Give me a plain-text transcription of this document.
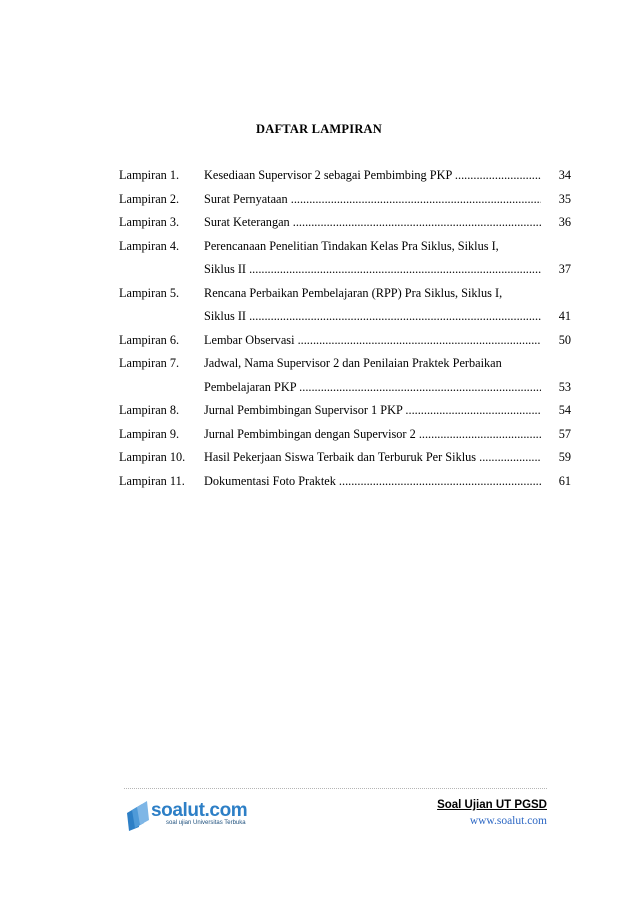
DAFTAR LAMPIRAN
Lampiran 1. Kesediaan Supervisor 2 sebagai Pembimbing PKP .....	34
Lampiran 2. Surat Pernyataan .....	35
Lampiran 3. Surat Keterangan .....	36
Lampiran 4. Perencanaan Penelitian Tindakan Kelas Pra Siklus, Siklus I,
Siklus II .....	37
Lampiran 5. Rencana Perbaikan Pembelajaran (RPP) Pra Siklus, Siklus I,
Siklus II .....	41
Lampiran 6. Lembar Observasi .....	50
Lampiran 7. Jadwal, Nama Supervisor 2 dan Penilaian Praktek Perbaikan
Pembelajaran PKP .....	53
Lampiran 8. Jurnal Pembimbingan Supervisor 1 PKP .....	54
Lampiran 9. Jurnal Pembimbingan dengan Supervisor 2 .....	57
Lampiran 10. Hasil Pekerjaan Siswa Terbaik dan Terburuk Per Siklus .....	59
Lampiran 11. Dokumentasi Foto Praktek .....	61
soalut.com
soal ujian Universitas Terbuka
Soal Ujian UT PGSD
www.soalut.com
